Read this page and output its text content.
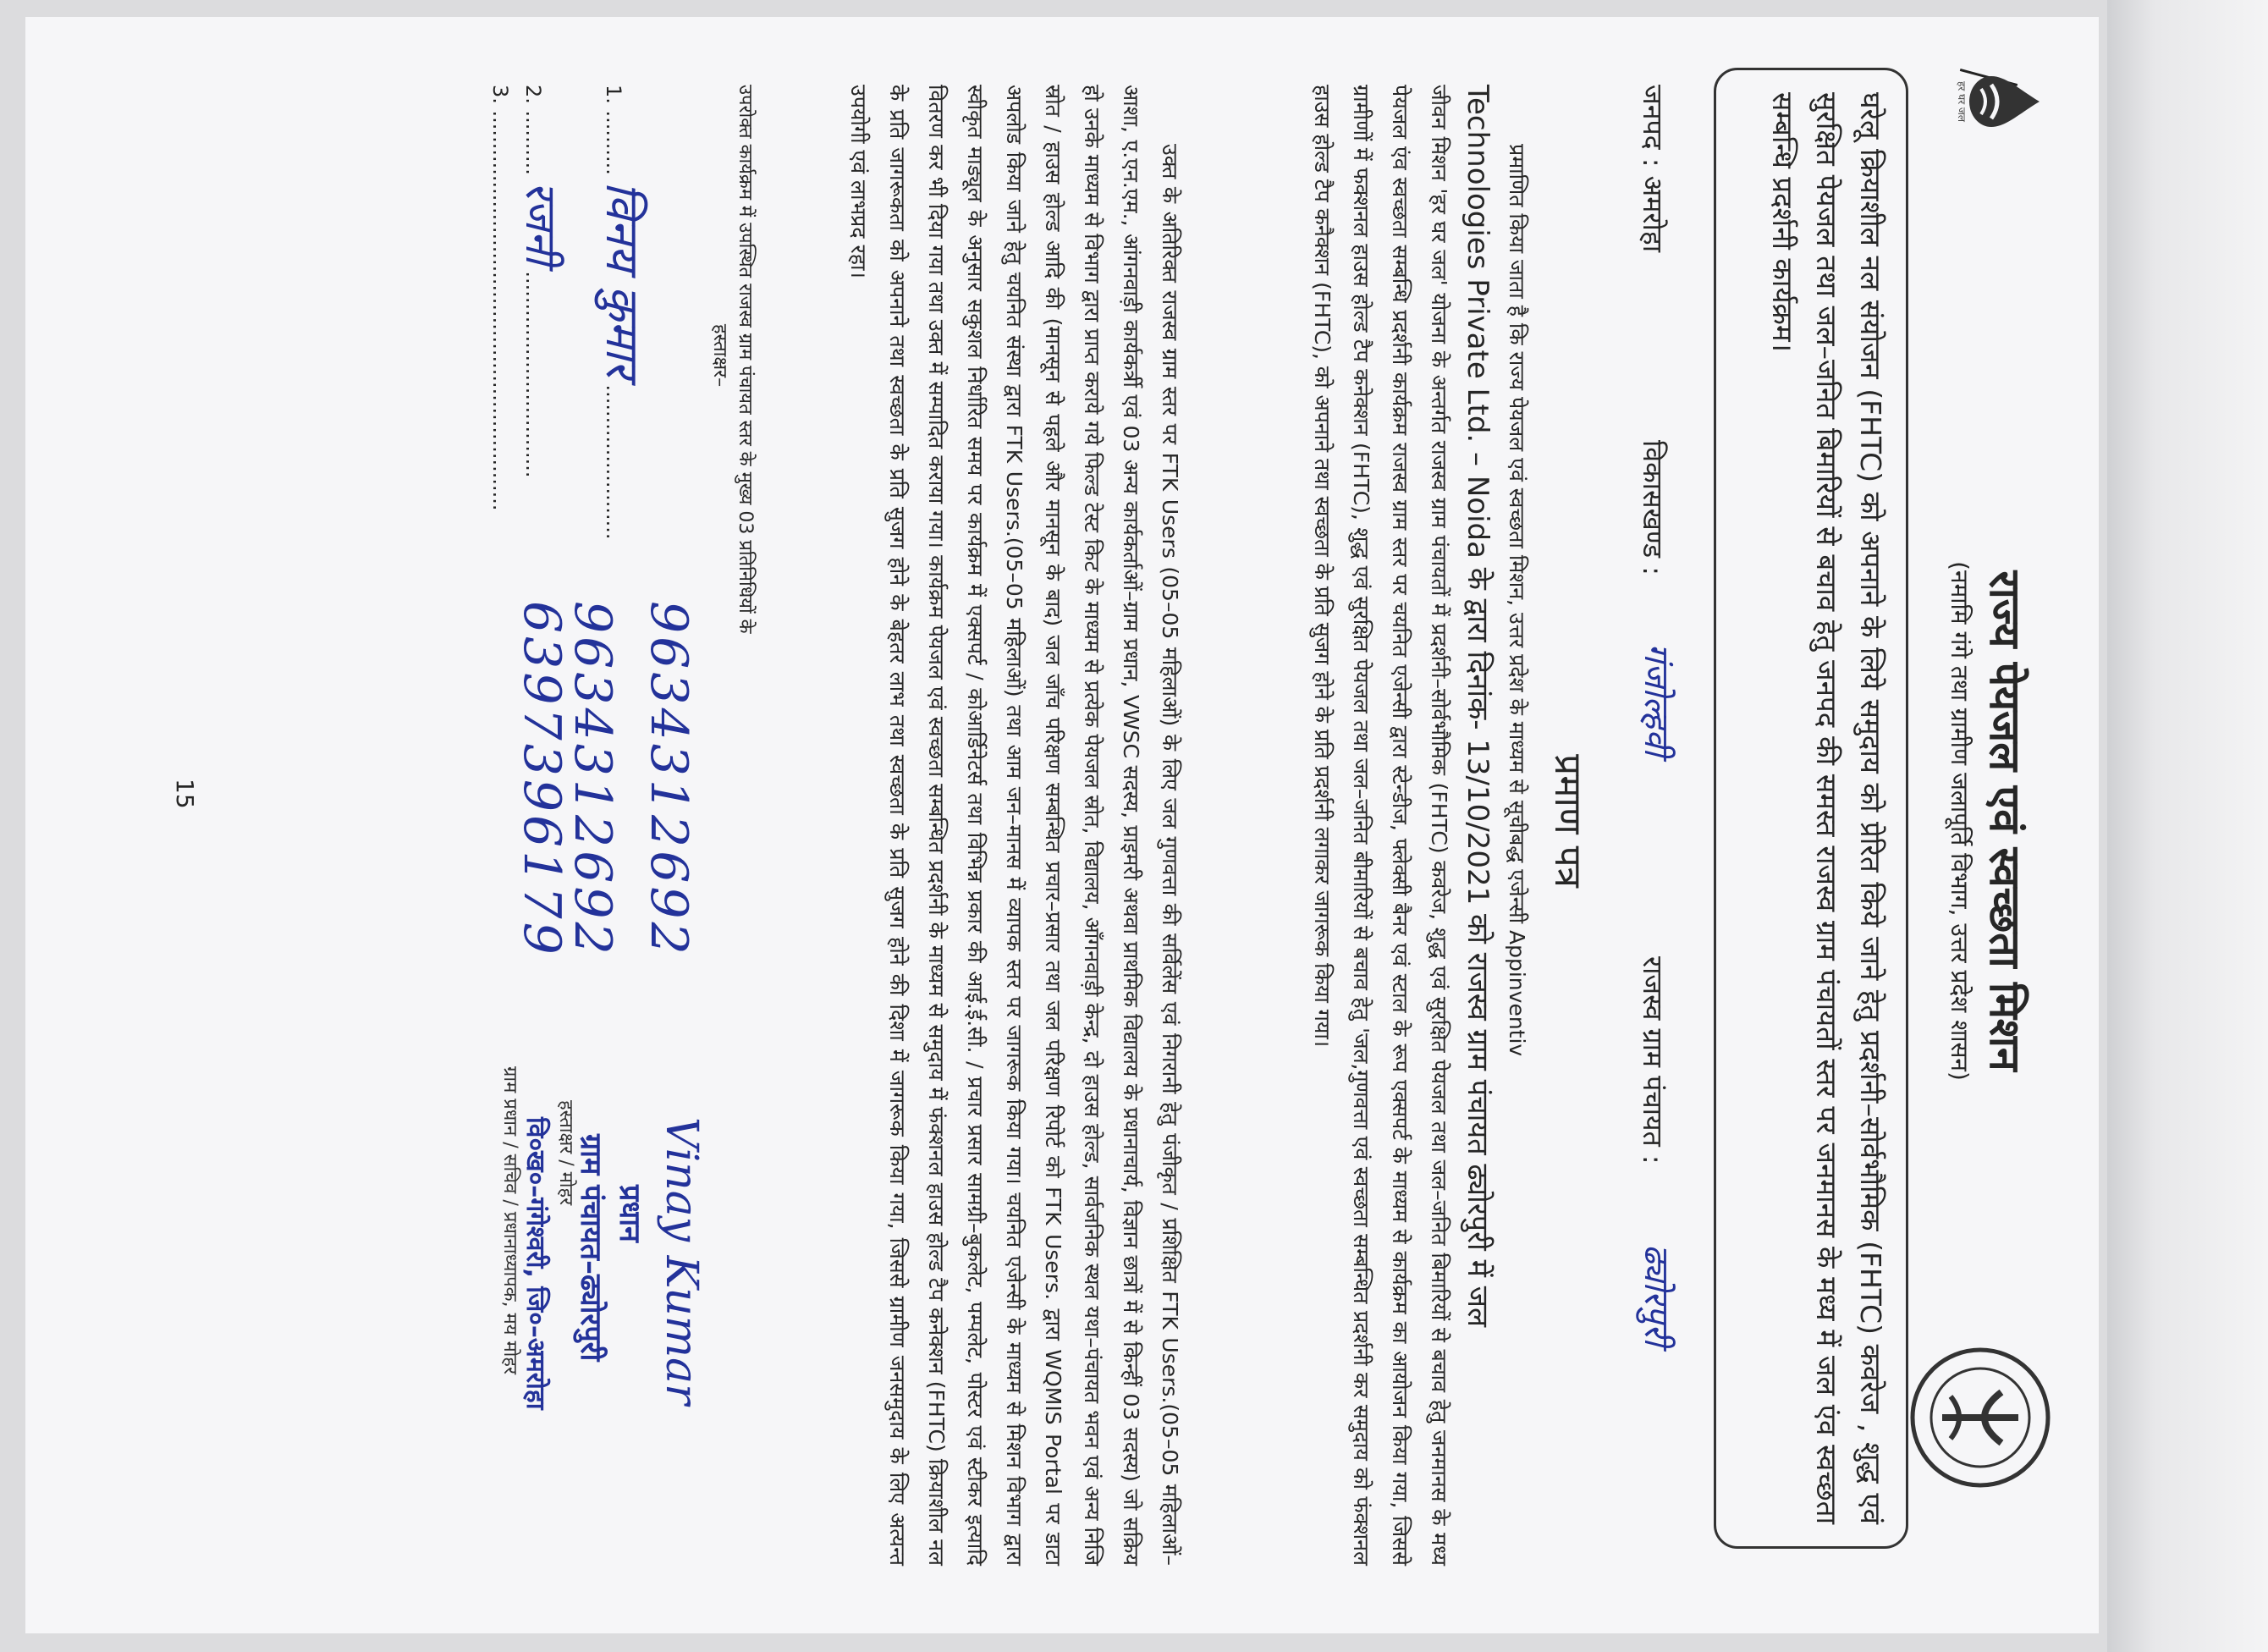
हर घर जल
राज्य पेयजल एवं स्वच्छता मिशन
(नमामि गंगे तथा ग्रामीण जलापूर्ति विभाग, उत्तर प्रदेश शासन)
घरेलू क्रियाशील नल संयोजन (FHTC) को अपनाने के लिये समुदाय को प्रेरित किये जाने हेतु प्रदर्शनी–सोर्वभौमिक (FHTC) कवरेज , शुद्ध एवं सुरक्षित पेयजल तथा जल–जनित बिमारियों से बचाव हेतु जनपद की समस्त राजस्व ग्राम पंचायतों स्तर पर जनमानस के मध्य में जल एंव स्वच्छता सम्बन्धि प्रदर्शनी कार्यक्रम।
जनपद : अमरोहा
विकासखण्ड :
गंजोल्हवी
राजस्व ग्राम पंचायत :
ढ्योरपुरी
प्रमाण पत्र
प्रमाणित किया जाता है कि राज्य पेयजल एवं स्वच्छता मिशन, उत्तर प्रदेश के माध्यम से सूचीबद्ध एजेन्सी Appinventiv
Technologies Private Ltd. – Noida के द्वारा दिनांक- 13/10/2021 को राजस्व ग्राम पंचायत ढ्योरपुरी में जल
जीवन मिशन 'हर घर जल' योजना के अन्तर्गत राजस्व ग्राम पंचायतों में प्रदर्शनी–सोर्वभौमिक (FHTC) कवरेज, शुद्ध एवं सुरक्षित पेयजल तथा जल–जनित बिमारियों से बचाव हेतु जनमानस के मध्य पेयजल एंव स्वच्छता सम्बन्धि प्रदर्शनी कार्यक्रम राजस्व ग्राम स्तर पर चयनित एजेन्सी द्वारा स्टेन्डीज, फ्लेक्सी बैनर एवं स्टाल के रूप एक्सपर्ट के माध्यम से कार्यक्रम का आयोजन किया गया, जिससे ग्रामीणों में फक्शनल हाउस होल्ड टैप कनेक्शन (FHTC), शुद्ध एवं सुरक्षित पेयजल तथा जल–जनित बीमारियों से बचाव हेतु 'जल,गुणवत्ता एवं स्वच्छता सम्बन्धित प्रदर्शनी कर समुदाय को फंक्शनल हाउस होल्ड टैप कनैक्शन (FHTC), को अपनाने तथा स्वच्छता के प्रति सुजग होने के प्रति प्रदर्शनी लगाकर जागरूक किया गया।
उक्त के अतिरिक्त राजस्व ग्राम स्तर पर FTK Users (05–05 महिलाओं) के लिए जल गुणवत्ता की सर्विलेंस एवं निगरानी हेतु पंजीकृत / प्रशिक्षित FTK Users.(05–05 महिलाओं–आशा, ए.एन.एम., आंगनवाड़ी कार्यकर्त्री एवं 03 अन्य कार्यकर्ताओं–ग्राम प्रधान, VWSC सदस्य, प्राइमरी अथवा प्राथमिक विद्यालय के प्रधानाचार्य, विज्ञान छात्रों में से किन्हीं 03 सदस्य) जो सक्रिय हो उनके माध्यम से विभाग द्वारा प्राप्त कराये गये फिल्ड टेस्ट किट के माध्यम से प्रत्येक पेयजल स्रोत, विद्यालय, आँगनवाड़ी केन्द्र, दो हाउस होल्ड, सार्वजनिक स्थल यथा–पंचायत भवन एवं अन्य निजि स्रोत / हाउस होल्ड आदि की (मानसून से पहले और मानसून के बाद) जल जाँच परिक्षण सम्बन्धित प्रचार–प्रसार तथा जल परिक्षण रिपोर्ट को FTK Users. द्वारा WQMIS Portal पर डाटा अपलोड किया जाने हेतु चयनित संस्था द्वारा FTK Users.(05–05 महिलाओं) तथा आम जन–मानस में व्यापक स्तर पर जागरूक किया गया। चयनित एजेन्सी के माध्यम से मिशन विभाग द्वारा स्वीकृत माड्यूल के अनुसार सकुशल निर्धारित समय पर कार्यक्रम में एक्सपर्ट / कोआर्डिनेटर्स तथा विभिन्न प्रकार की आई.ई.सी. / प्रचार प्रसार सामग्री–बुकलेट, पम्पलेट, पोस्टर एवं स्टीकर इत्यादि वितरण कर भी दिया गया तथा उक्त में सम्पादित कराया गया। कार्यक्रम पेयजल एवं स्वच्छता सम्बन्धित प्रदर्शनी के माध्यम से समुदाय में फंक्शनल हाउस होल्ड टैप कनेक्शन (FHTC) क्रियाशील नल के प्रति जागरूकता को अपनाने तथा स्वच्छता के प्रति सुजग होने के बेहतर लाभ तथा स्वच्छता के प्रति सुजग होने की दिशा में जागरूक किया गया, जिससे ग्रामीण जनसमुदाय के लिए अत्यन्त उपयोगी एवं लाभप्रद रहा।
उपरोक्त कार्यक्रम में उपस्थित राजस्व ग्राम पंचायत स्तर के मुख्य 03 प्रतिनिधियों के
हस्ताक्षर–
1. .......... विनय कुमार ........................
2. .......... रजनी ................................
3. ..............................................................
9634312692
9634312692
6397396179
Vinay Kumar
प्रधान
ग्राम पंचायत–ढ्योरपुरी
हस्ताक्षर / मोहर
वि०ख०–गंगेश्वरी, जि०–अमरोहा
ग्राम प्रधान / सचिव / प्रधानाध्यापक, मय मोहर
15
